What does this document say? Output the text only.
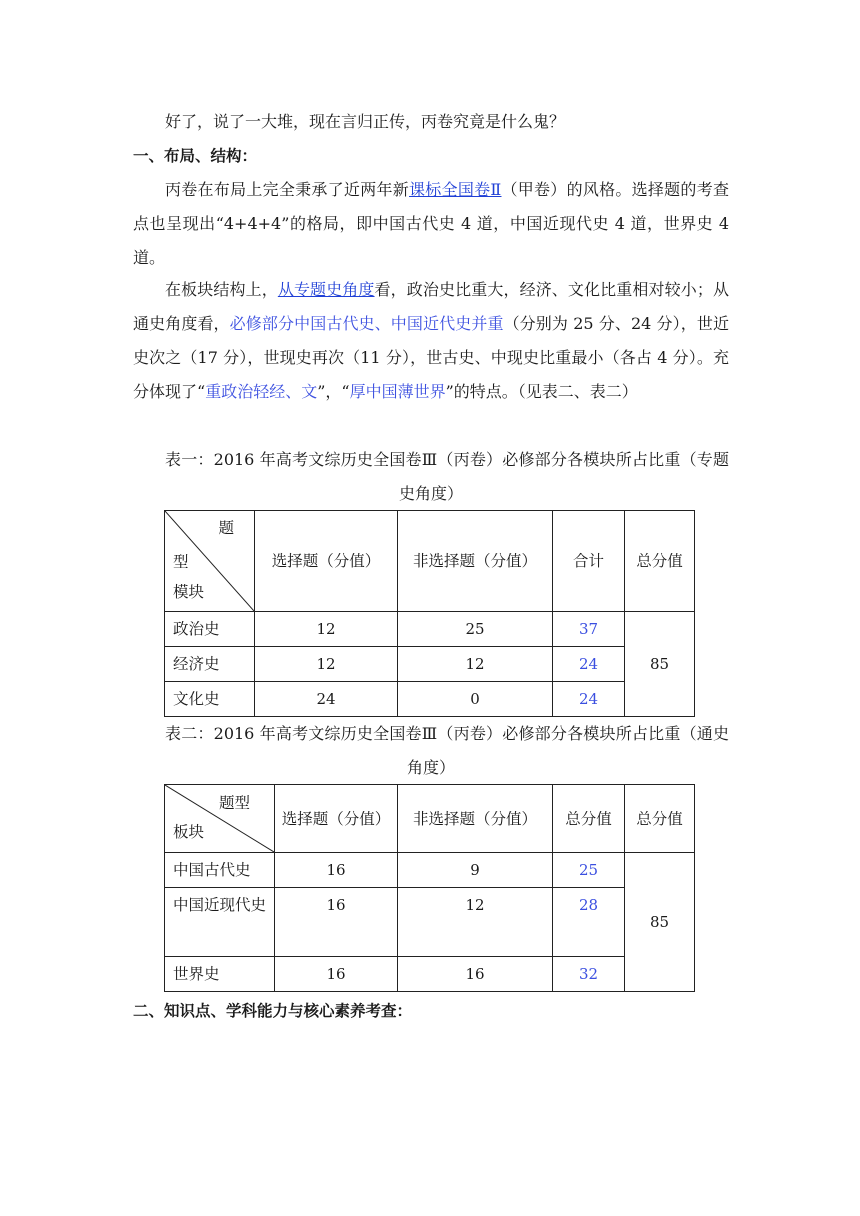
好了，说了一大堆，现在言归正传，丙卷究竟是什么鬼？

一、布局、结构：

丙卷在布局上完全秉承了近两年新课标全国卷Ⅱ（甲卷）的风格。选择题的考查点也呈现出“4+4+4”的格局，即中国古代史 4 道，中国近现代史 4 道，世界史 4 道。

在板块结构上，从专题史角度看，政治史比重大，经济、文化比重相对较小；从通史角度看，必修部分中国古代史、中国近代史并重（分别为 25 分、24 分），世近史次之（17 分），世现史再次（11 分），世古史、中现史比重最小（各占 4 分）。充分体现了“重政治轻经、文”，“厚中国薄世界”的特点。（见表二、表二）

表一：2016 年高考文综历史全国卷Ⅲ（丙卷）必修部分各模块所占比重（专题史角度）

题
型
模块	选择题（分值）	非选择题（分值）	合计	总分值
政治史	12	25	37	85
经济史	12	12	24	
文化史	24	0	24	

表二：2016 年高考文综历史全国卷Ⅲ（丙卷）必修部分各模块所占比重（通史角度）

题型
板块	选择题（分值）	非选择题（分值）	总分值	总分值
中国古代史	16	9	25	85
中国近现代史	16	12	28	
世界史	16	16	32	

二、知识点、学科能力与核心素养考查：
